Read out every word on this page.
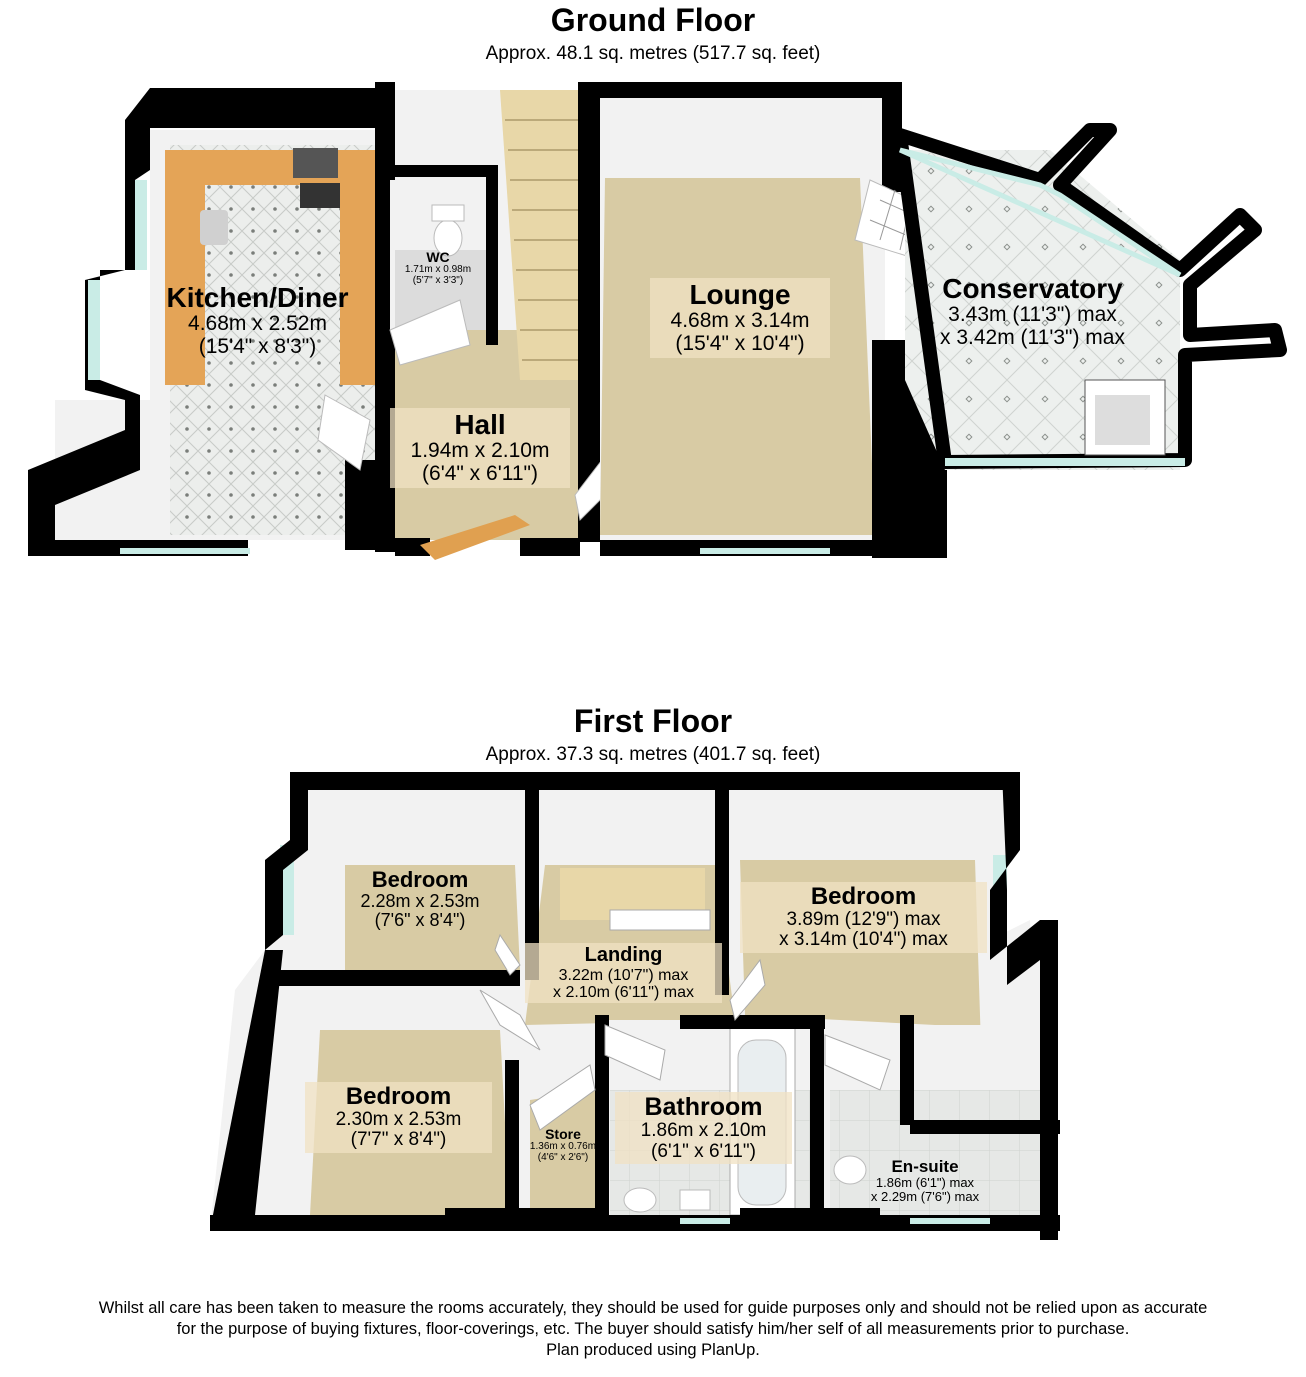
Ground Floor
Approx. 48.1 sq. metres (517.7 sq. feet)
Kitchen/Diner
4.68m x 2.52m
(15'4" x 8'3")
WC
1.71m x 0.98m
(5'7" x 3'3")	Lounge
4.68m x 3.14m
(15'4" x 10'4")
Conservatory
3.43m (11'3") max
x 3.42m (11'3") max
Hall
1.94m x 2.10m
(6'4" x 6'11")
First Floor
Approx. 37.3 sq. metres (401.7 sq. feet)
Bedroom
2.28m x 2.53m
(7'6" x 8'4")
Landing
3.22m (10'7") max
x 2.10m (6'11") max
Bedroom
3.89m (12'9") max
x 3.14m (10'4") max
Bedroom
2.30m x 2.53m
(7'7" x 8'4")	Store
1.36m x 0.76m
(4'6" x 2'6")
Bathroom
1.86m x 2.10m
(6'1" x 6'11")
En-suite
1.86m (6'1") max
x 2.29m (7'6") max
Whilst all care has been taken to measure the rooms accurately, they should be used for guide purposes only and should not be relied upon as accurate
for the purpose of buying fixtures, floor-coverings, etc. The buyer should satisfy him/her self of all measurements prior to purchase.
Plan produced using PlanUp.
